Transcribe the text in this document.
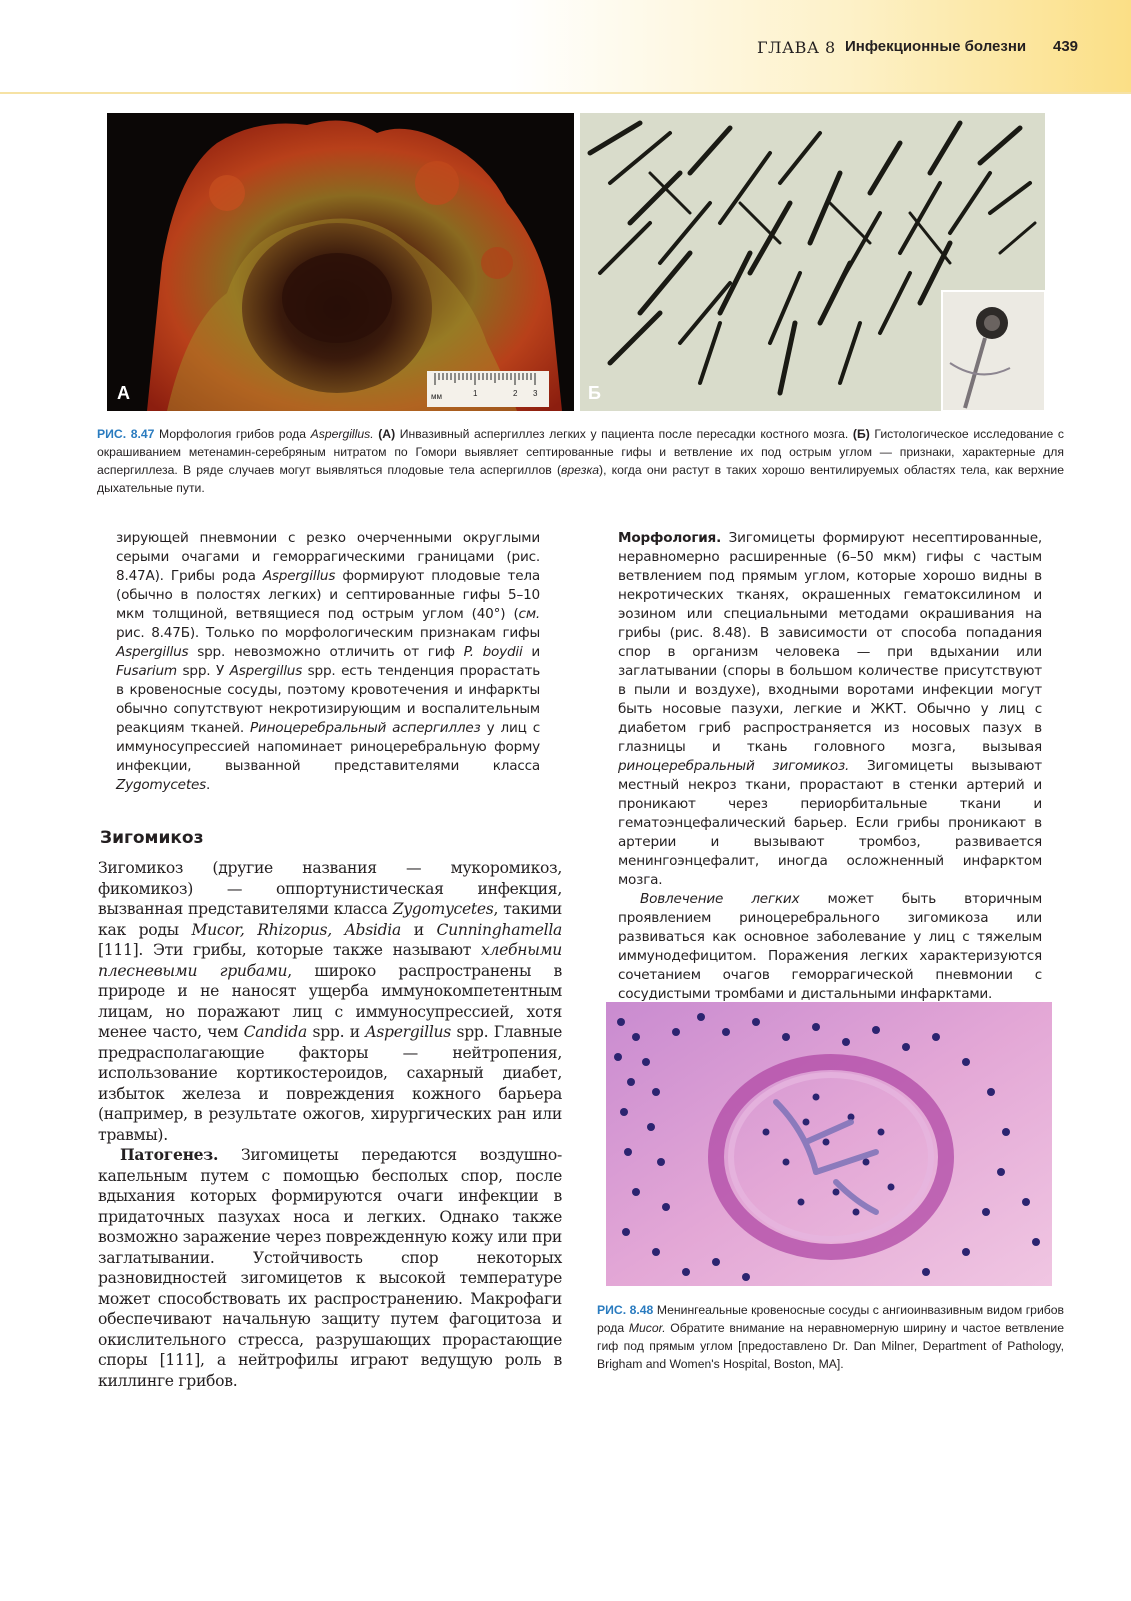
ГЛАВА 8 Инфекционные болезни 439
мм	1	2 3
А	Б
РИС. 8.47 Морфология грибов рода Aspergillus. (А) Инвазивный аспергиллез легких у пациента после пересадки костного мозга. (Б) Гистологическое исследование с окрашиванием метенамин-серебряным нитратом по Гомори выявляет септированные гифы и ветвление их под острым углом — признаки, характерные для аспергиллеза. В ряде случаев могут выявляться плодовые тела аспергиллов (врезка), когда они растут в таких хорошо вентилируемых областях тела, как верхние дыхательные пути.

зирующей пневмонии с резко очерченными округлыми серыми очагами и геморрагическими границами (рис. 8.47А). Грибы рода Aspergillus формируют плодовые тела (обычно в полостях легких) и септированные гифы 5–10 мкм толщиной, ветвящиеся под острым углом (40°) (см. рис. 8.47Б). Только по морфологическим признакам гифы Aspergillus spp. невозможно отличить от гиф P. boydii и Fusarium spp. У Aspergillus spp. есть тенденция прорастать в кровеносные сосуды, поэтому кровотечения и инфаркты обычно сопутствуют некротизирующим и воспалительным реакциям тканей. Риноцеребральный аспергиллез у лиц с иммуносупрессией напоминает риноцеребральную форму инфекции, вызванной представителями класса Zygomycetes.

Зигомикоз

Зигомикоз (другие названия — мукоромикоз, фикомикоз) — оппортунистическая инфекция, вызванная представителями класса Zygomycetes, такими как роды Mucor, Rhizopus, Absidia и Cunninghamella [111]. Эти грибы, которые также называют хлебными плесневыми грибами, широко распространены в природе и не наносят ущерба иммунокомпетентным лицам, но поражают лиц с иммуносупрессией, хотя менее часто, чем Candida spp. и Aspergillus spp. Главные предрасполагающие факторы — нейтропения, использование кортикостероидов, сахарный диабет, избыток железа и повреждения кожного барьера (например, в результате ожогов, хирургических ран или травмы).

Патогенез. Зигомицеты передаются воздушно-капельным путем с помощью бесполых спор, после вдыхания которых формируются очаги инфекции в придаточных пазухах носа и легких. Однако также возможно заражение через поврежденную кожу или при заглатывании. Устойчивость спор некоторых разновидностей зигомицетов к высокой температуре может способствовать их распространению. Макрофаги обеспечивают начальную защиту путем фагоцитоза и окислительного стресса, разрушающих прорастающие споры [111], а нейтрофилы играют ведущую роль в киллинге грибов.

Морфология. Зигомицеты формируют несептированные, неравномерно расширенные (6–50 мкм) гифы с частым ветвлением под прямым углом, которые хорошо видны в некротических тканях, окрашенных гематоксилином и эозином или специальными методами окрашивания на грибы (рис. 8.48). В зависимости от способа попадания спор в организм человека — при вдыхании или заглатывании (споры в большом количестве присутствуют в пыли и воздухе), входными воротами инфекции могут быть носовые пазухи, легкие и ЖКТ. Обычно у лиц с диабетом гриб распространяется из носовых пазух в глазницы и ткань головного мозга, вызывая риноцеребральный зигомикоз. Зигомицеты вызывают местный некроз ткани, прорастают в стенки артерий и проникают через периорбитальные ткани и гематоэнцефалический барьер. Если грибы проникают в артерии и вызывают тромбоз, развивается менингоэнцефалит, иногда осложненный инфарктом мозга.

Вовлечение легких может быть вторичным проявлением риноцеребрального зигомикоза или развиваться как основное заболевание у лиц с тяжелым иммунодефицитом. Поражения легких характеризуются сочетанием очагов геморрагической пневмонии с сосудистыми тромбами и дистальными инфарктами.

РИС. 8.48 Менингеальные кровеносные сосуды с ангиоинвазивным видом грибов рода Mucor. Обратите внимание на неравномерную ширину и частое ветвление гиф под прямым углом [предоставлено Dr. Dan Milner, Department of Pathology, Brigham and Women's Hospital, Boston, MA].
